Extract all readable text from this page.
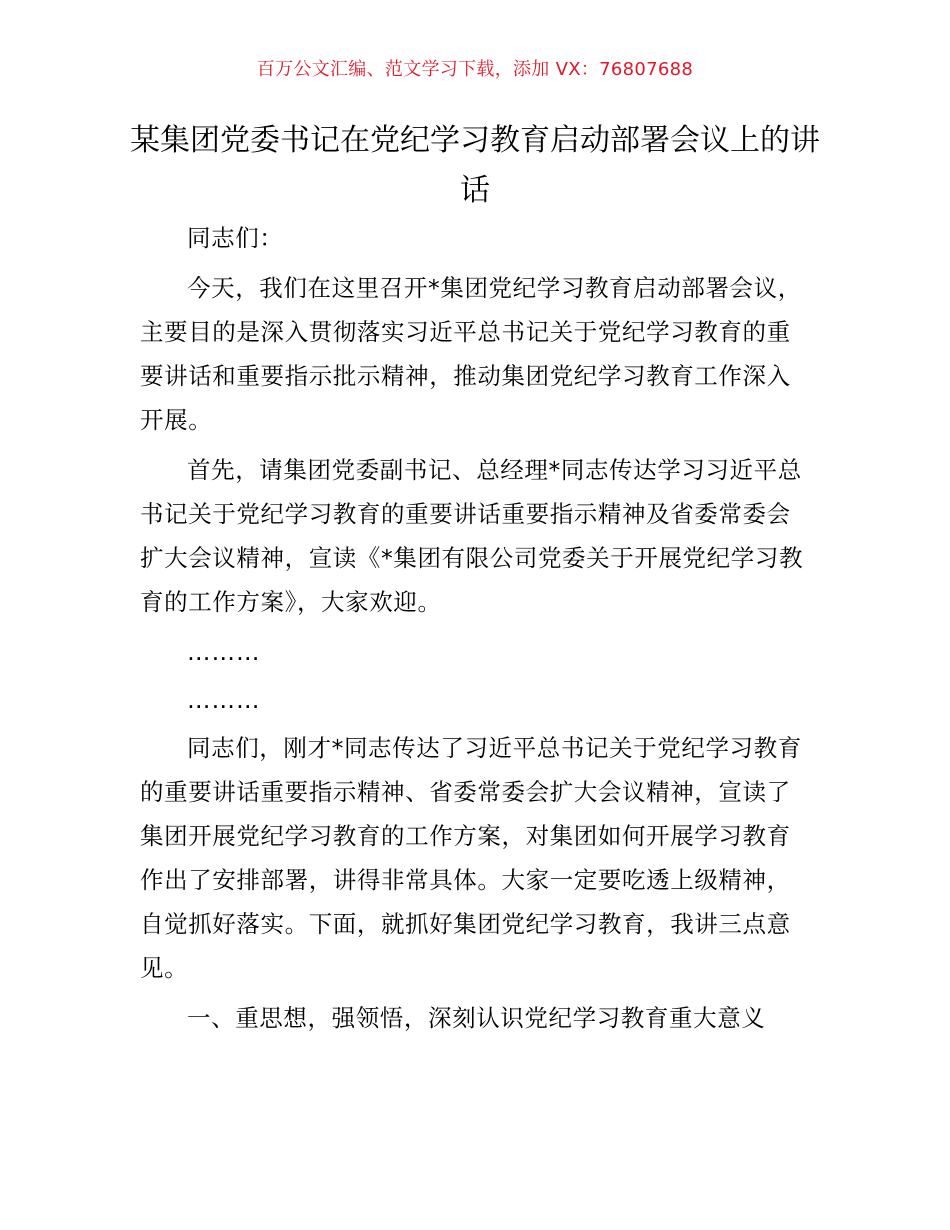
百万公文汇编、范文学习下载，添加 VX：76807688
某集团党委书记在党纪学习教育启动部署会议上的讲话

同志们：

今天，我们在这里召开*集团党纪学习教育启动部署会议，主要目的是深入贯彻落实习近平总书记关于党纪学习教育的重要讲话和重要指示批示精神，推动集团党纪学习教育工作深入开展。

首先，请集团党委副书记、总经理*同志传达学习习近平总书记关于党纪学习教育的重要讲话重要指示精神及省委常委会扩大会议精神，宣读《*集团有限公司党委关于开展党纪学习教育的工作方案》，大家欢迎。

………

………

同志们，刚才*同志传达了习近平总书记关于党纪学习教育的重要讲话重要指示精神、省委常委会扩大会议精神，宣读了集团开展党纪学习教育的工作方案，对集团如何开展学习教育作出了安排部署，讲得非常具体。大家一定要吃透上级精神，自觉抓好落实。下面，就抓好集团党纪学习教育，我讲三点意见。

一、重思想，强领悟，深刻认识党纪学习教育重大意义
